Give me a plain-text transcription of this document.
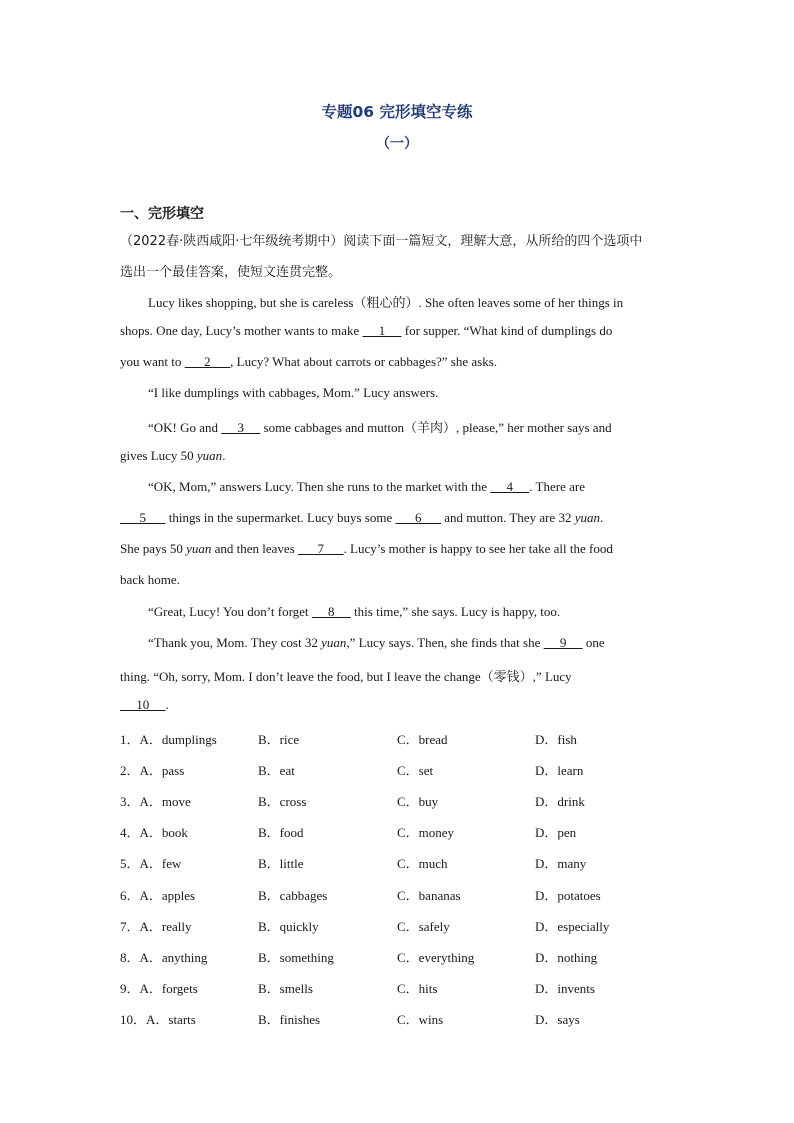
专题06 完形填空专练
（一）
一、完形填空
（2022春·陕西咸阳·七年级统考期中）阅读下面一篇短文，理解大意，从所给的四个选项中
选出一个最佳答案，使短文连贯完整。
Lucy likes shopping, but she is careless（粗心的）. She often leaves some of her things in
shops. One day, Lucy’s mother wants to make      1      for supper. “What kind of dumplings do
you want to       2      , Lucy? What about carrots or cabbages?” she asks.
“I like dumplings with cabbages, Mom.” Lucy answers.
“OK! Go and      3      some cabbages and mutton（羊肉）, please,” her mother says and
gives Lucy 50 yuan.
“OK, Mom,” answers Lucy. Then she runs to the market with the      4     . There are
5       things in the supermarket. Lucy buys some       6       and mutton. They are 32 yuan.
She pays 50 yuan and then leaves       7      . Lucy’s mother is happy to see her take all the food
back home.
“Great, Lucy! You don’t forget      8      this time,” she says. Lucy is happy, too.
“Thank you, Mom. They cost 32 yuan,” Lucy says. Then, she finds that she      9      one
thing. “Oh, sorry, Mom. I don’t leave the food, but I leave the change（零钱）,” Lucy
10     .
1．A．dumplings	B．rice	C．bread	D．fish
2．A．pass	B．eat	C．set	D．learn
3．A．move	B．cross	C．buy	D．drink
4．A．book	B．food	C．money	D．pen
5．A．few	B．little	C．much	D．many
6．A．apples	B．cabbages	C．bananas	D．potatoes
7．A．really	B．quickly	C．safely	D．especially
8．A．anything	B．something	C．everything	D．nothing
9．A．forgets	B．smells	C．hits	D．invents
10．A．starts	B．finishes	C．wins	D．says
